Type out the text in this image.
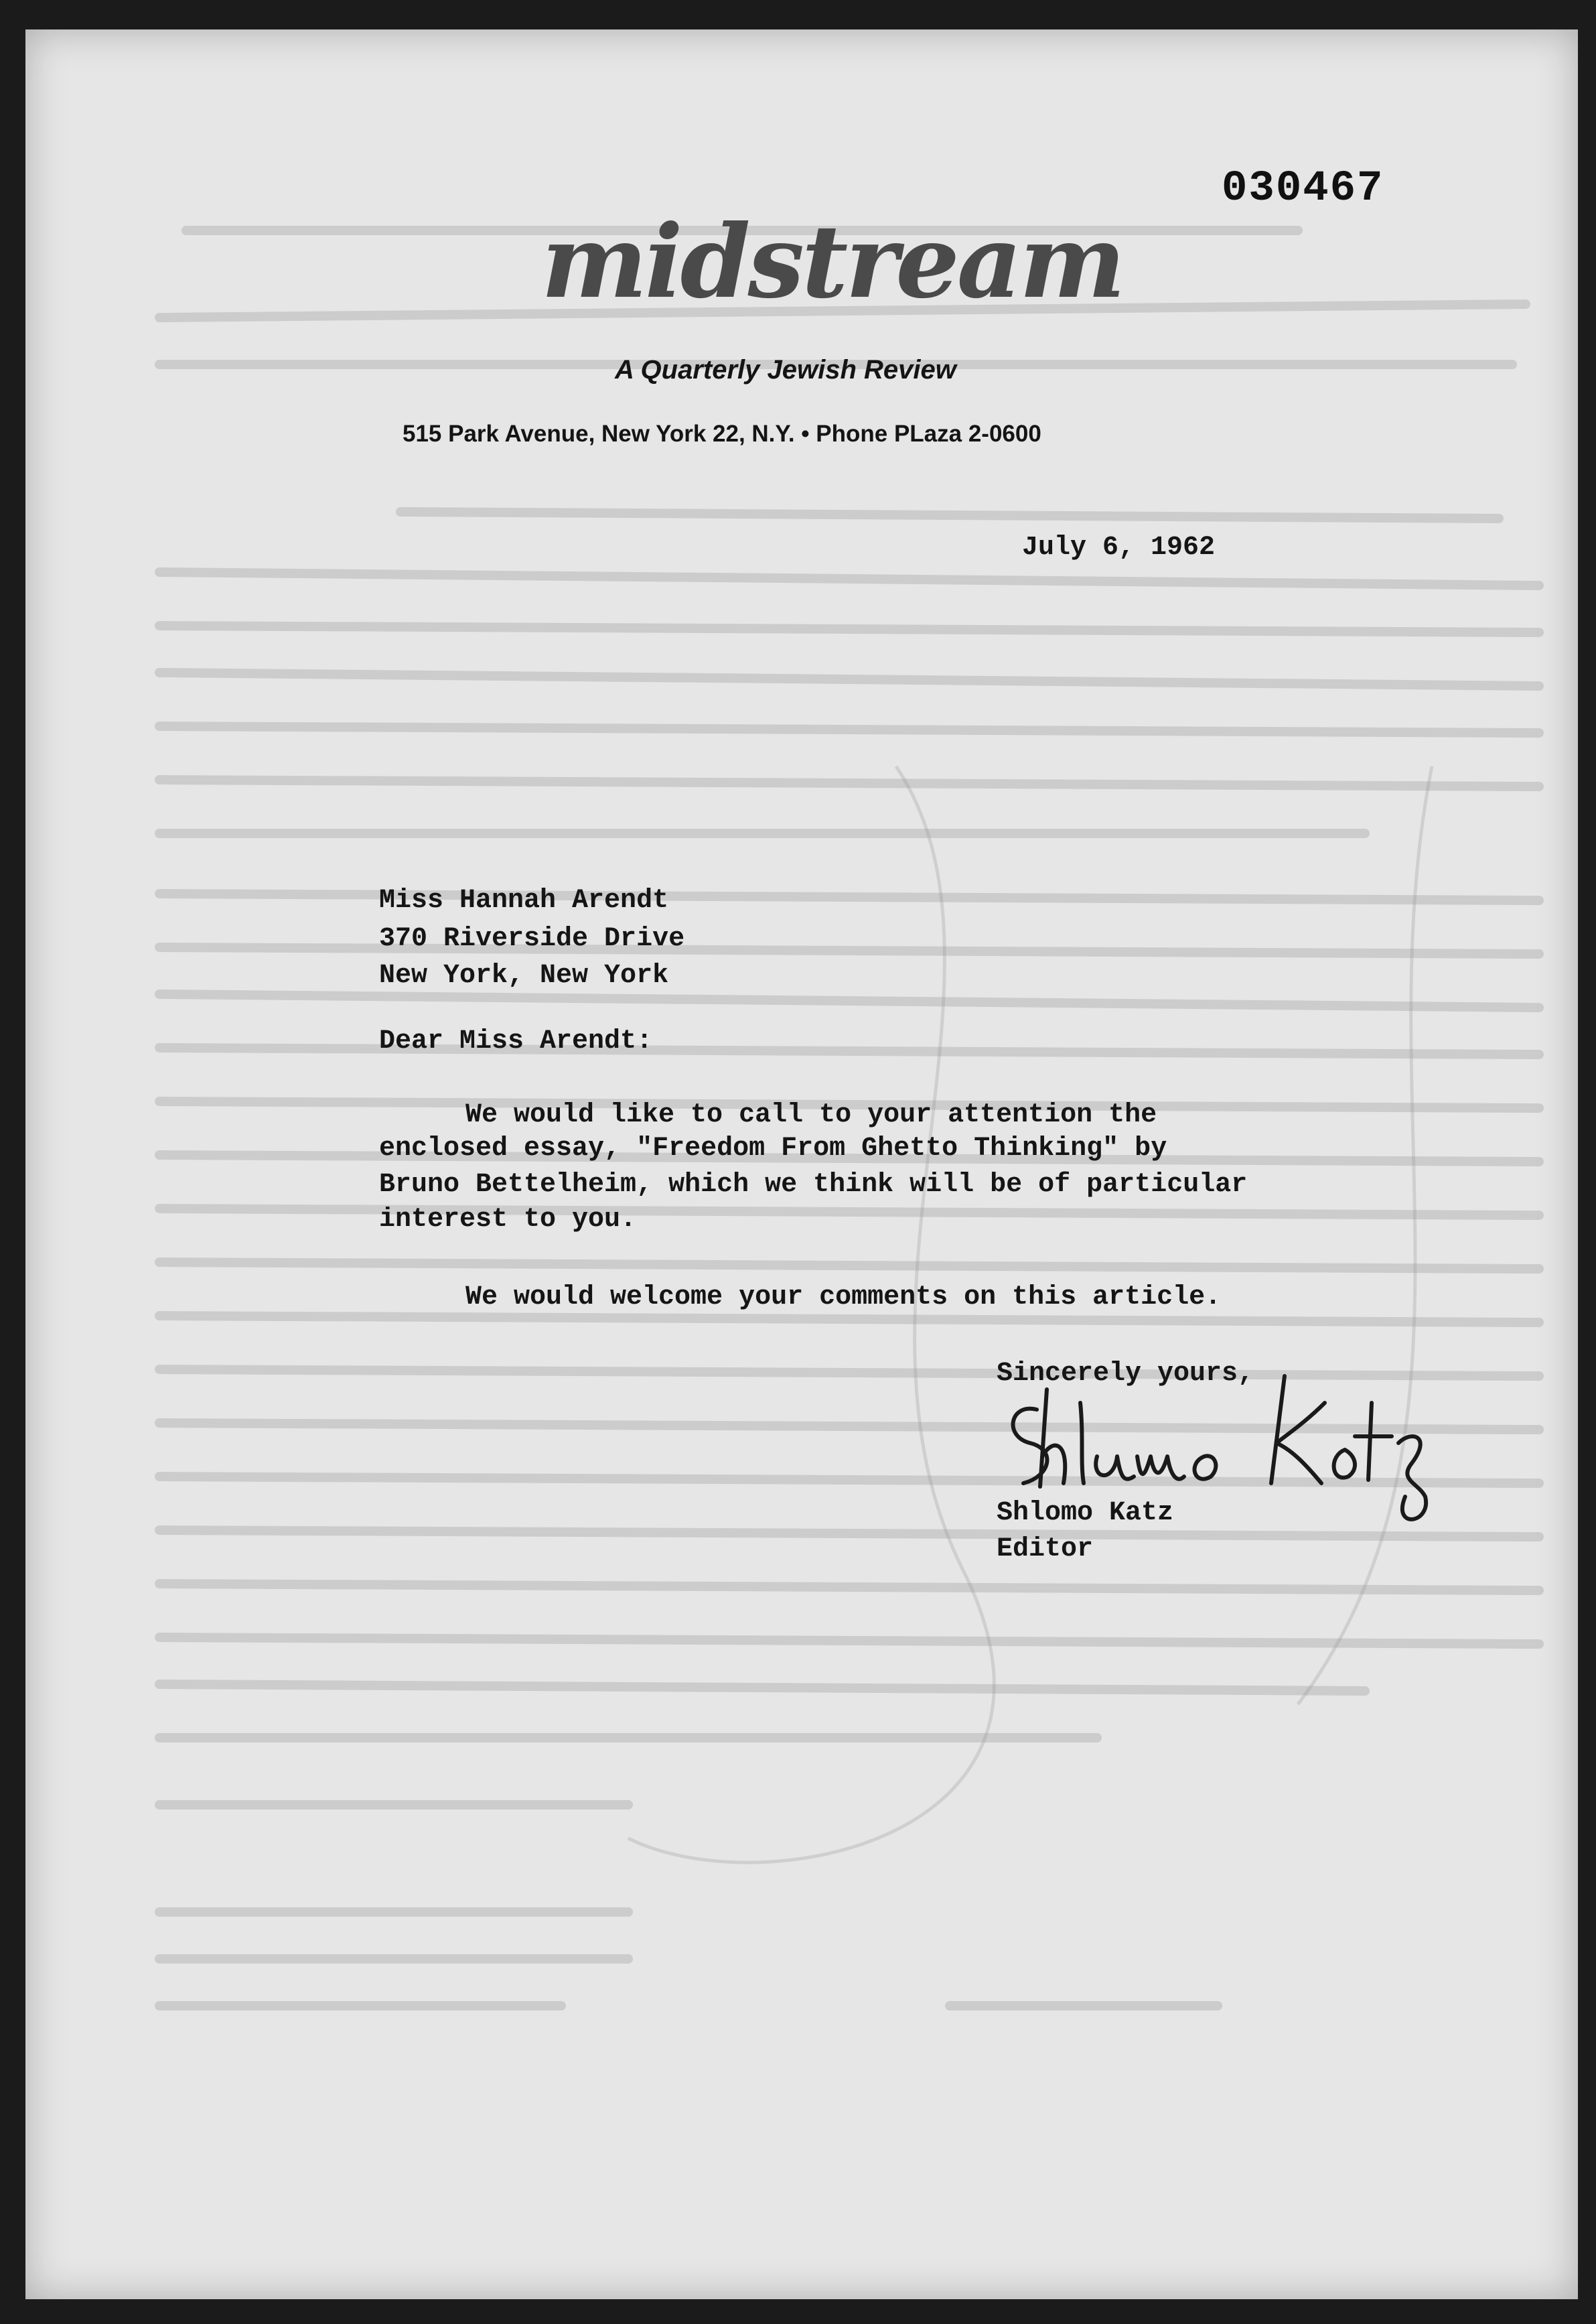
030467
midstream
A Quarterly Jewish Review
515 Park Avenue, New York 22, N.Y. • Phone PLaza 2-0600
July 6, 1962
Miss Hannah Arendt
370 Riverside Drive
New York, New York
Dear Miss Arendt:
We would like to call to your attention the
enclosed essay, "Freedom From Ghetto Thinking" by
Bruno Bettelheim, which we think will be of particular
interest to you.
We would welcome your comments on this article.
Sincerely yours,
Shlomo Katz
Editor
